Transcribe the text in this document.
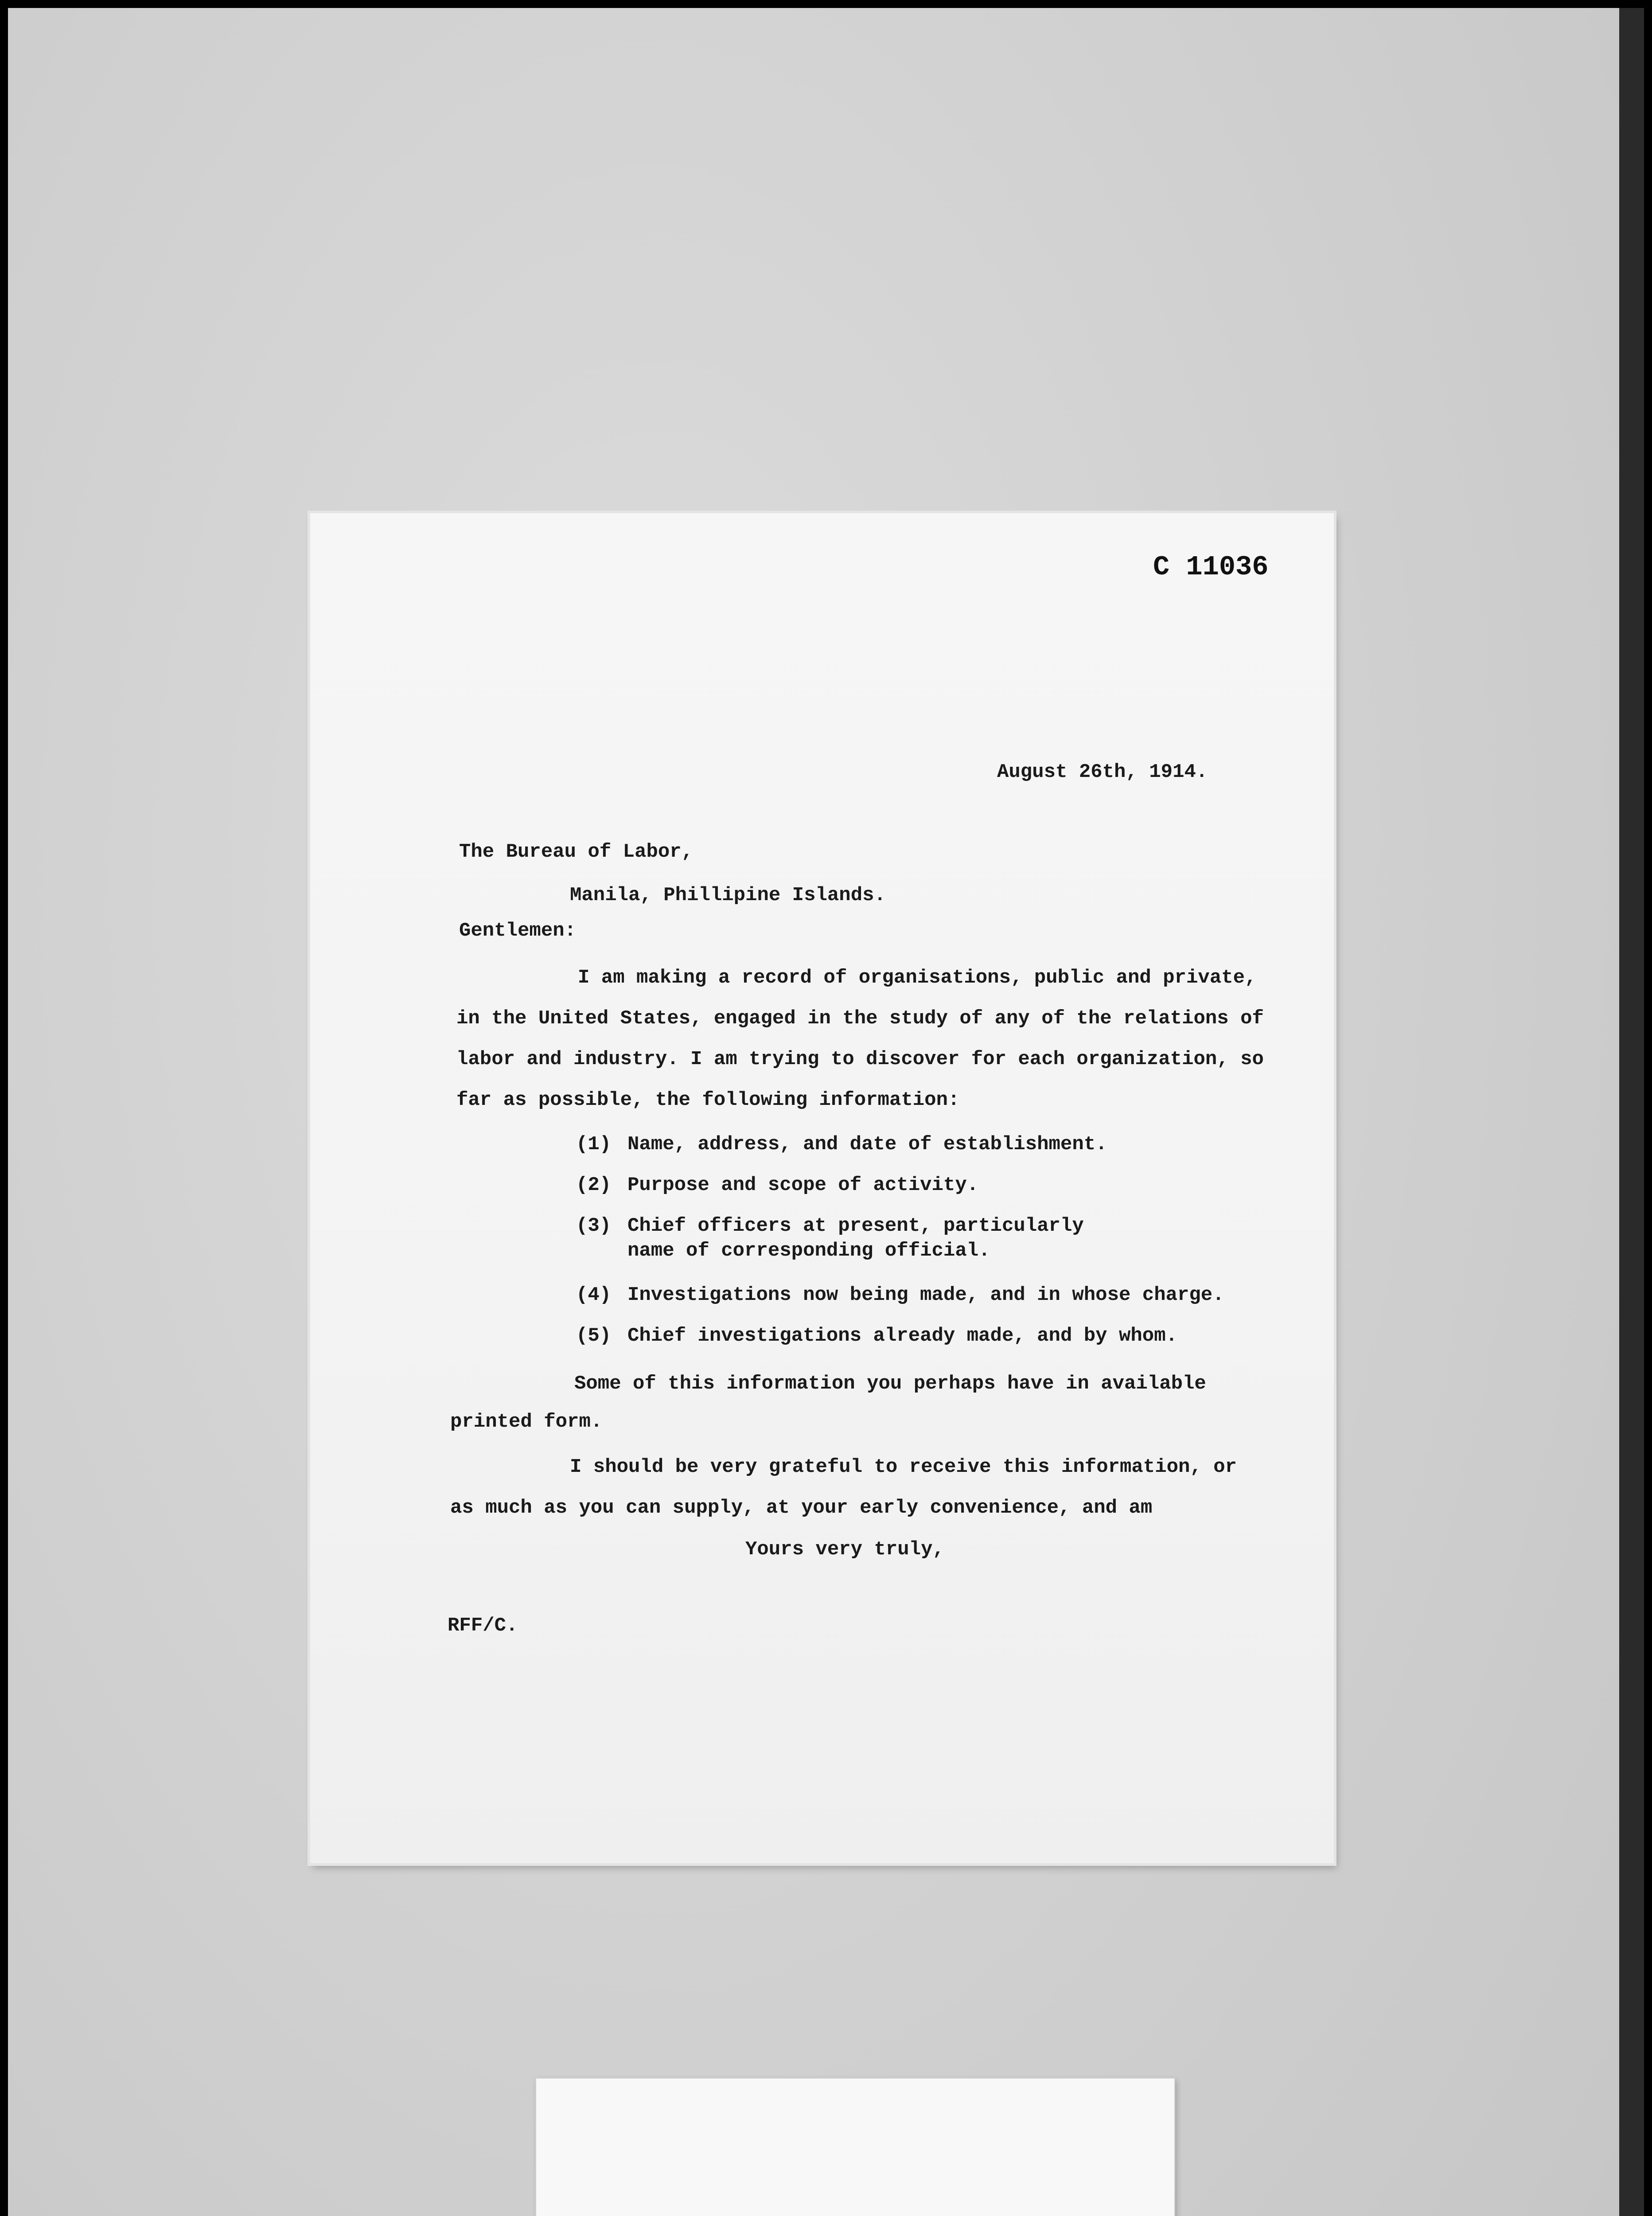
C 11036
August 26th, 1914.
The Bureau of Labor,
Manila, Phillipine Islands.
Gentlemen:
I am making a record of organisations, public and private,
in the United States, engaged in the study of any of the relations of
labor and industry. I am trying to discover for each organization, so
far as possible, the following information:
(1) Name, address, and date of establishment.
(2) Purpose and scope of activity.
(3) Chief officers at present, particularly
name of corresponding official.
(4) Investigations now being made, and in whose charge.
(5) Chief investigations already made, and by whom.
Some of this information you perhaps have in available
printed form.
I should be very grateful to receive this information, or
as much as you can supply, at your early convenience, and am
Yours very truly,
RFF/C.
